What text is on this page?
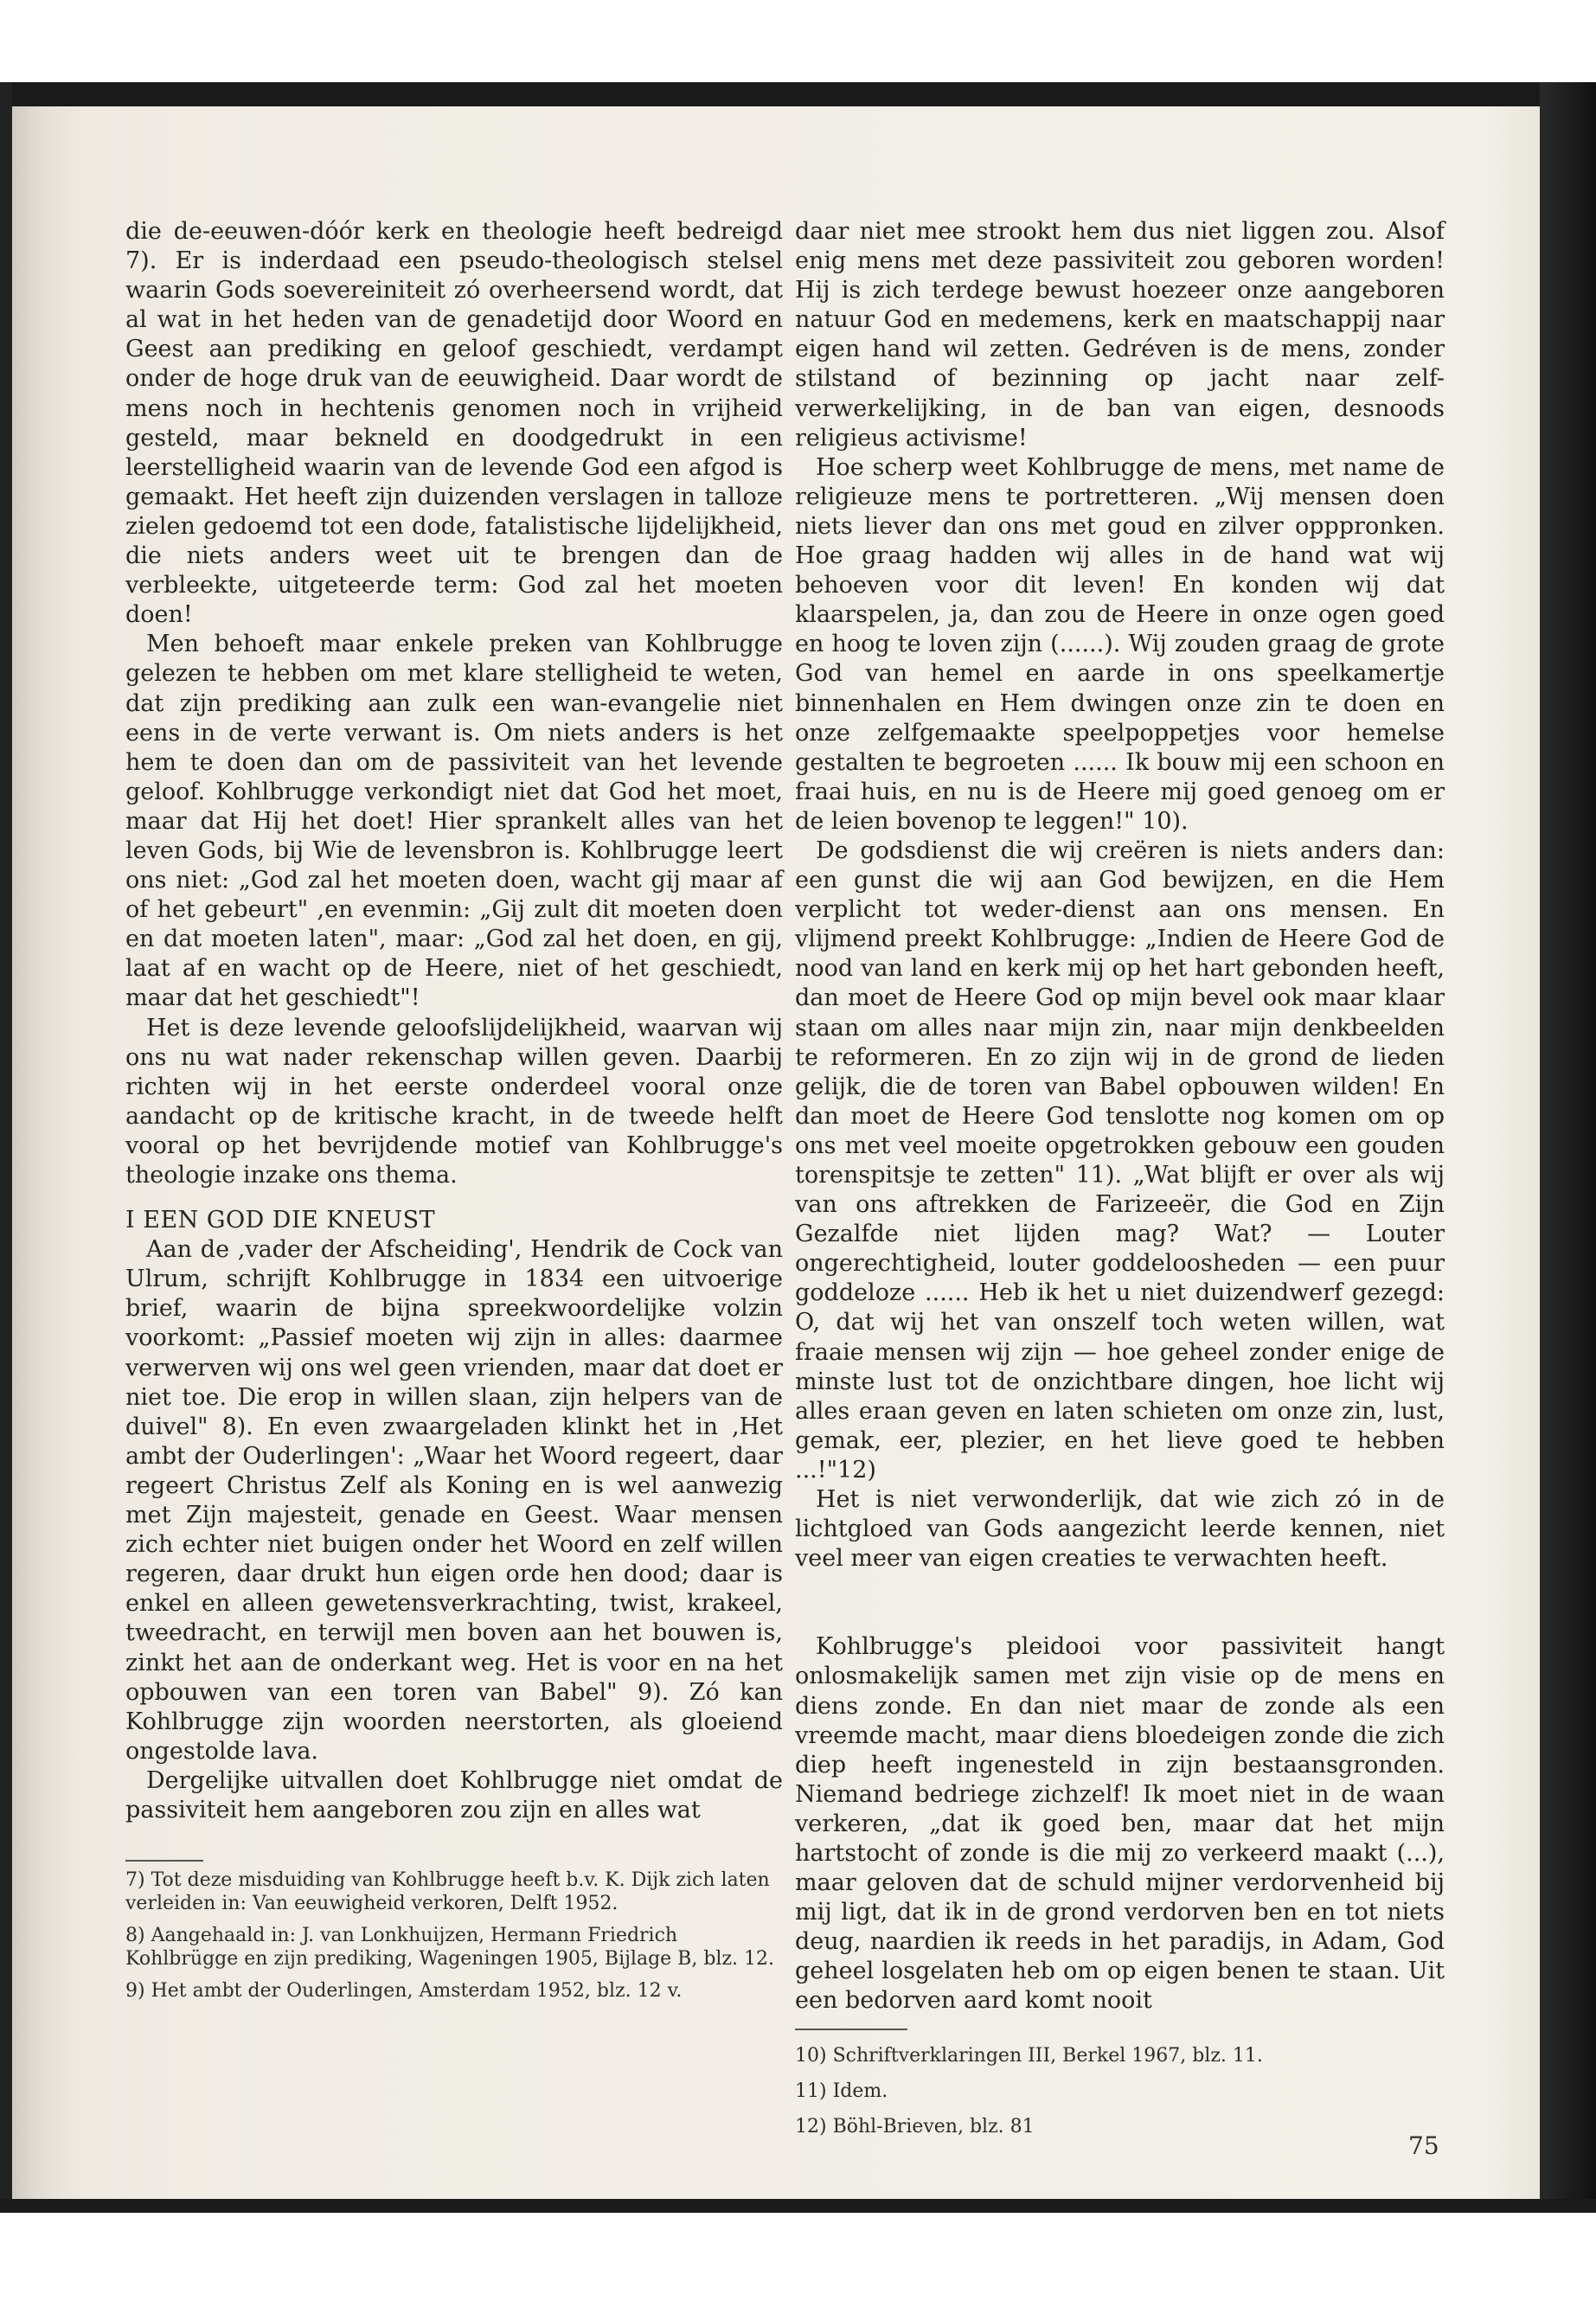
die de-eeuwen-dóór kerk en theologie heeft bedreigd 7). Er is inderdaad een pseudo-theologisch stelsel waarin Gods soevereiniteit zó overheersend wordt, dat al wat in het heden van de genadetijd door Woord en Geest aan prediking en geloof geschiedt, verdampt onder de hoge druk van de eeuwigheid. Daar wordt de mens noch in hechtenis genomen noch in vrijheid gesteld, maar bekneld en doodgedrukt in een leerstelligheid waarin van de levende God een afgod is gemaakt. Het heeft zijn duizenden verslagen in talloze zielen gedoemd tot een dode, fatalistische lijdelijkheid, die niets anders weet uit te brengen dan de verbleekte, uitgeteerde term: God zal het moeten doen!

Men behoeft maar enkele preken van Kohlbrugge gelezen te hebben om met klare stelligheid te weten, dat zijn prediking aan zulk een wan-evangelie niet eens in de verte verwant is. Om niets anders is het hem te doen dan om de passiviteit van het levende geloof. Kohlbrugge verkondigt niet dat God het moet, maar dat Hij het doet! Hier sprankelt alles van het leven Gods, bij Wie de levensbron is. Kohlbrugge leert ons niet: „God zal het moeten doen, wacht gij maar af of het gebeurt" ,en evenmin: „Gij zult dit moeten doen en dat moeten laten", maar: „God zal het doen, en gij, laat af en wacht op de Heere, niet of het geschiedt, maar dat het geschiedt"!

Het is deze levende geloofslijdelijkheid, waarvan wij ons nu wat nader rekenschap willen geven. Daarbij richten wij in het eerste onderdeel vooral onze aandacht op de kritische kracht, in de tweede helft vooral op het bevrijdende motief van Kohlbrugge's theologie inzake ons thema.

I EEN GOD DIE KNEUST

Aan de ,vader der Afscheiding', Hendrik de Cock van Ulrum, schrijft Kohlbrugge in 1834 een uitvoerige brief, waarin de bijna spreekwoordelijke volzin voorkomt: „Passief moeten wij zijn in alles: daarmee verwerven wij ons wel geen vrienden, maar dat doet er niet toe. Die erop in willen slaan, zijn helpers van de duivel" 8). En even zwaargeladen klinkt het in ,Het ambt der Ouderlingen': „Waar het Woord regeert, daar regeert Christus Zelf als Koning en is wel aanwezig met Zijn majesteit, genade en Geest. Waar mensen zich echter niet buigen onder het Woord en zelf willen regeren, daar drukt hun eigen orde hen dood; daar is enkel en alleen gewetensverkrachting, twist, krakeel, tweedracht, en terwijl men boven aan het bouwen is, zinkt het aan de onderkant weg. Het is voor en na het opbouwen van een toren van Babel" 9). Zó kan Kohlbrugge zijn woorden neerstorten, als gloeiend ongestolde lava.

Dergelijke uitvallen doet Kohlbrugge niet omdat de passiviteit hem aangeboren zou zijn en alles wat

7) Tot deze misduiding van Kohlbrugge heeft b.v. K. Dijk zich laten verleiden in: Van eeuwigheid verkoren, Delft 1952.
8) Aangehaald in: J. van Lonkhuijzen, Hermann Friedrich Kohlbrügge en zijn prediking, Wageningen 1905, Bijlage B, blz. 12.
9) Het ambt der Ouderlingen, Amsterdam 1952, blz. 12 v.

daar niet mee strookt hem dus niet liggen zou. Alsof enig mens met deze passiviteit zou geboren worden! Hij is zich terdege bewust hoezeer onze aangeboren natuur God en medemens, kerk en maatschappij naar eigen hand wil zetten. Gedréven is de mens, zonder stilstand of bezinning op jacht naar zelf-verwerkelijking, in de ban van eigen, desnoods religieus activisme!

Hoe scherp weet Kohlbrugge de mens, met name de religieuze mens te portretteren. „Wij mensen doen niets liever dan ons met goud en zilver opppronken. Hoe graag hadden wij alles in de hand wat wij behoeven voor dit leven! En konden wij dat klaarspelen, ja, dan zou de Heere in onze ogen goed en hoog te loven zijn (......). Wij zouden graag de grote God van hemel en aarde in ons speelkamertje binnenhalen en Hem dwingen onze zin te doen en onze zelfgemaakte speelpoppetjes voor hemelse gestalten te begroeten ...... Ik bouw mij een schoon en fraai huis, en nu is de Heere mij goed genoeg om er de leien bovenop te leggen!" 10).

De godsdienst die wij creëren is niets anders dan: een gunst die wij aan God bewijzen, en die Hem verplicht tot weder-dienst aan ons mensen. En vlijmend preekt Kohlbrugge: „Indien de Heere God de nood van land en kerk mij op het hart gebonden heeft, dan moet de Heere God op mijn bevel ook maar klaar staan om alles naar mijn zin, naar mijn denkbeelden te reformeren. En zo zijn wij in de grond de lieden gelijk, die de toren van Babel opbouwen wilden! En dan moet de Heere God tenslotte nog komen om op ons met veel moeite opgetrokken gebouw een gouden torenspitsje te zetten" 11). „Wat blijft er over als wij van ons aftrekken de Farizeeër, die God en Zijn Gezalfde niet lijden mag? Wat? — Louter ongerechtigheid, louter goddeloosheden — een puur goddeloze ...... Heb ik het u niet duizendwerf gezegd: O, dat wij het van onszelf toch weten willen, wat fraaie mensen wij zijn — hoe geheel zonder enige de minste lust tot de onzichtbare dingen, hoe licht wij alles eraan geven en laten schieten om onze zin, lust, gemak, eer, plezier, en het lieve goed te hebben ...!"12)

Het is niet verwonderlijk, dat wie zich zó in de lichtgloed van Gods aangezicht leerde kennen, niet veel meer van eigen creaties te verwachten heeft.

Kohlbrugge's pleidooi voor passiviteit hangt onlosmakelijk samen met zijn visie op de mens en diens zonde. En dan niet maar de zonde als een vreemde macht, maar diens bloedeigen zonde die zich diep heeft ingenesteld in zijn bestaansgronden. Niemand bedriege zichzelf! Ik moet niet in de waan verkeren, „dat ik goed ben, maar dat het mijn hartstocht of zonde is die mij zo verkeerd maakt (...), maar geloven dat de schuld mijner verdorvenheid bij mij ligt, dat ik in de grond verdorven ben en tot niets deug, naardien ik reeds in het paradijs, in Adam, God geheel losgelaten heb om op eigen benen te staan. Uit een bedorven aard komt nooit

10) Schriftverklaringen III, Berkel 1967, blz. 11.
11) Idem.
12) Böhl-Brieven, blz. 81
75
